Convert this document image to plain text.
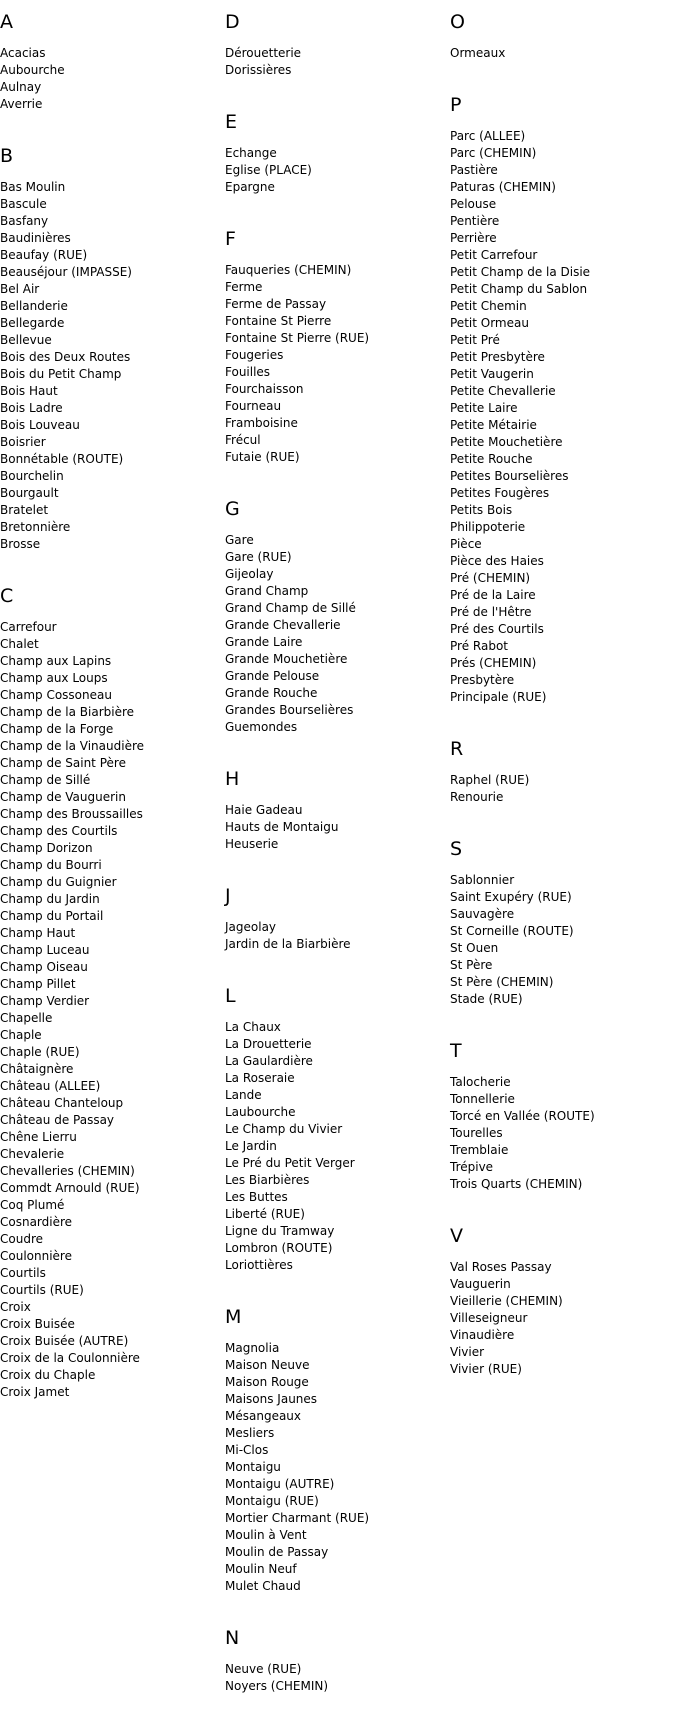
A
Acacias
Aubourche
Aulnay
Averrie
B
Bas Moulin
Bascule
Basfany
Baudinières
Beaufay (RUE)
Beauséjour (IMPASSE)
Bel Air
Bellanderie
Bellegarde
Bellevue
Bois des Deux Routes
Bois du Petit Champ
Bois Haut
Bois Ladre
Bois Louveau
Boisrier
Bonnétable (ROUTE)
Bourchelin
Bourgault
Bratelet
Bretonnière
Brosse
C
Carrefour
Chalet
Champ aux Lapins
Champ aux Loups
Champ Cossoneau
Champ de la Biarbière
Champ de la Forge
Champ de la Vinaudière
Champ de Saint Père
Champ de Sillé
Champ de Vauguerin
Champ des Broussailles
Champ des Courtils
Champ Dorizon
Champ du Bourri
Champ du Guignier
Champ du Jardin
Champ du Portail
Champ Haut
Champ Luceau
Champ Oiseau
Champ Pillet
Champ Verdier
Chapelle
Chaple
Chaple (RUE)
Châtaignère
Château (ALLEE)
Château Chanteloup
Château de Passay
Chêne Lierru
Chevalerie
Chevalleries (CHEMIN)
Commdt Arnould (RUE)
Coq Plumé
Cosnardière
Coudre
Coulonnière
Courtils
Courtils (RUE)
Croix
Croix Buisée
Croix Buisée (AUTRE)
Croix de la Coulonnière
Croix du Chaple
Croix Jamet
D
Dérouetterie
Dorissières
E
Echange
Eglise (PLACE)
Epargne
F
Fauqueries (CHEMIN)
Ferme
Ferme de Passay
Fontaine St Pierre
Fontaine St Pierre (RUE)
Fougeries
Fouilles
Fourchaisson
Fourneau
Framboisine
Frécul
Futaie (RUE)
G
Gare
Gare (RUE)
Gijeolay
Grand Champ
Grand Champ de Sillé
Grande Chevallerie
Grande Laire
Grande Mouchetière
Grande Pelouse
Grande Rouche
Grandes Bourselières
Guemondes
H
Haie Gadeau
Hauts de Montaigu
Heuserie
J
Jageolay
Jardin de la Biarbière
L
La Chaux
La Drouetterie
La Gaulardière
La Roseraie
Lande
Laubourche
Le Champ du Vivier
Le Jardin
Le Pré du Petit Verger
Les Biarbières
Les Buttes
Liberté (RUE)
Ligne du Tramway
Lombron (ROUTE)
Loriottières
M
Magnolia
Maison Neuve
Maison Rouge
Maisons Jaunes
Mésangeaux
Mesliers
Mi-Clos
Montaigu
Montaigu (AUTRE)
Montaigu (RUE)
Mortier Charmant (RUE)
Moulin à Vent
Moulin de Passay
Moulin Neuf
Mulet Chaud
N
Neuve (RUE)
Noyers (CHEMIN)
O
Ormeaux
P
Parc (ALLEE)
Parc (CHEMIN)
Pastière
Paturas (CHEMIN)
Pelouse
Pentière
Perrière
Petit Carrefour
Petit Champ de la Disie
Petit Champ du Sablon
Petit Chemin
Petit Ormeau
Petit Pré
Petit Presbytère
Petit Vaugerin
Petite Chevallerie
Petite Laire
Petite Métairie
Petite Mouchetière
Petite Rouche
Petites Bourselières
Petites Fougères
Petits Bois
Philippoterie
Pièce
Pièce des Haies
Pré (CHEMIN)
Pré de la Laire
Pré de l'Hêtre
Pré des Courtils
Pré Rabot
Prés (CHEMIN)
Presbytère
Principale (RUE)
R
Raphel (RUE)
Renourie
S
Sablonnier
Saint Exupéry (RUE)
Sauvagère
St Corneille (ROUTE)
St Ouen
St Père
St Père (CHEMIN)
Stade (RUE)
T
Talocherie
Tonnellerie
Torcé en Vallée (ROUTE)
Tourelles
Tremblaie
Trépive
Trois Quarts (CHEMIN)
V
Val Roses Passay
Vauguerin
Vieillerie (CHEMIN)
Villeseigneur
Vinaudière
Vivier
Vivier (RUE)
